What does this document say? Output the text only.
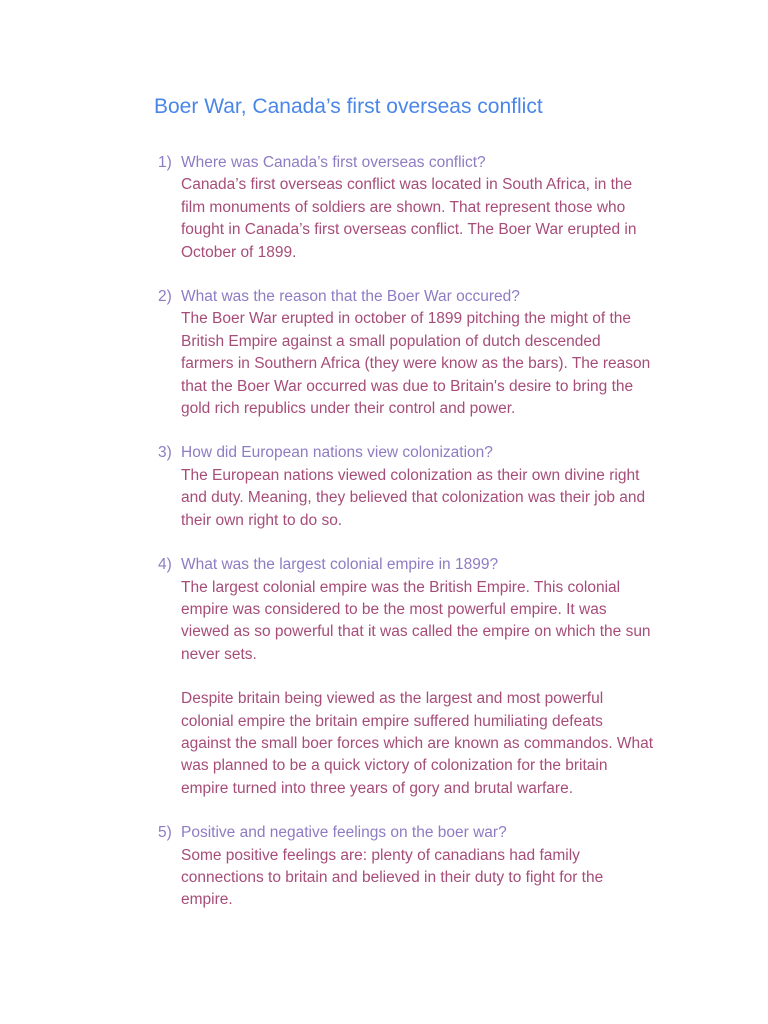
Boer War, Canada’s first overseas conflict
1) Where was Canada’s first overseas conflict?
Canada’s first overseas conflict was located in South Africa, in the
film monuments of soldiers are shown. That represent those who
fought in Canada’s first overseas conflict. The Boer War erupted in
October of 1899.
2) What was the reason that the Boer War occured?
The Boer War erupted in october of 1899 pitching the might of the
British Empire against a small population of dutch descended
farmers in Southern Africa (they were know as the bars). The reason
that the Boer War occurred was due to Britain's desire to bring the
gold rich republics under their control and power.
3) How did European nations view colonization?
The European nations viewed colonization as their own divine right
and duty. Meaning, they believed that colonization was their job and
their own right to do so.
4) What was the largest colonial empire in 1899?
The largest colonial empire was the British Empire. This colonial
empire was considered to be the most powerful empire. It was
viewed as so powerful that it was called the empire on which the sun
never sets.
Despite britain being viewed as the largest and most powerful
colonial empire the britain empire suffered humiliating defeats
against the small boer forces which are known as commandos. What
was planned to be a quick victory of colonization for the britain
empire turned into three years of gory and brutal warfare.
5) Positive and negative feelings on the boer war?
Some positive feelings are: plenty of canadians had family
connections to britain and believed in their duty to fight for the
empire.
